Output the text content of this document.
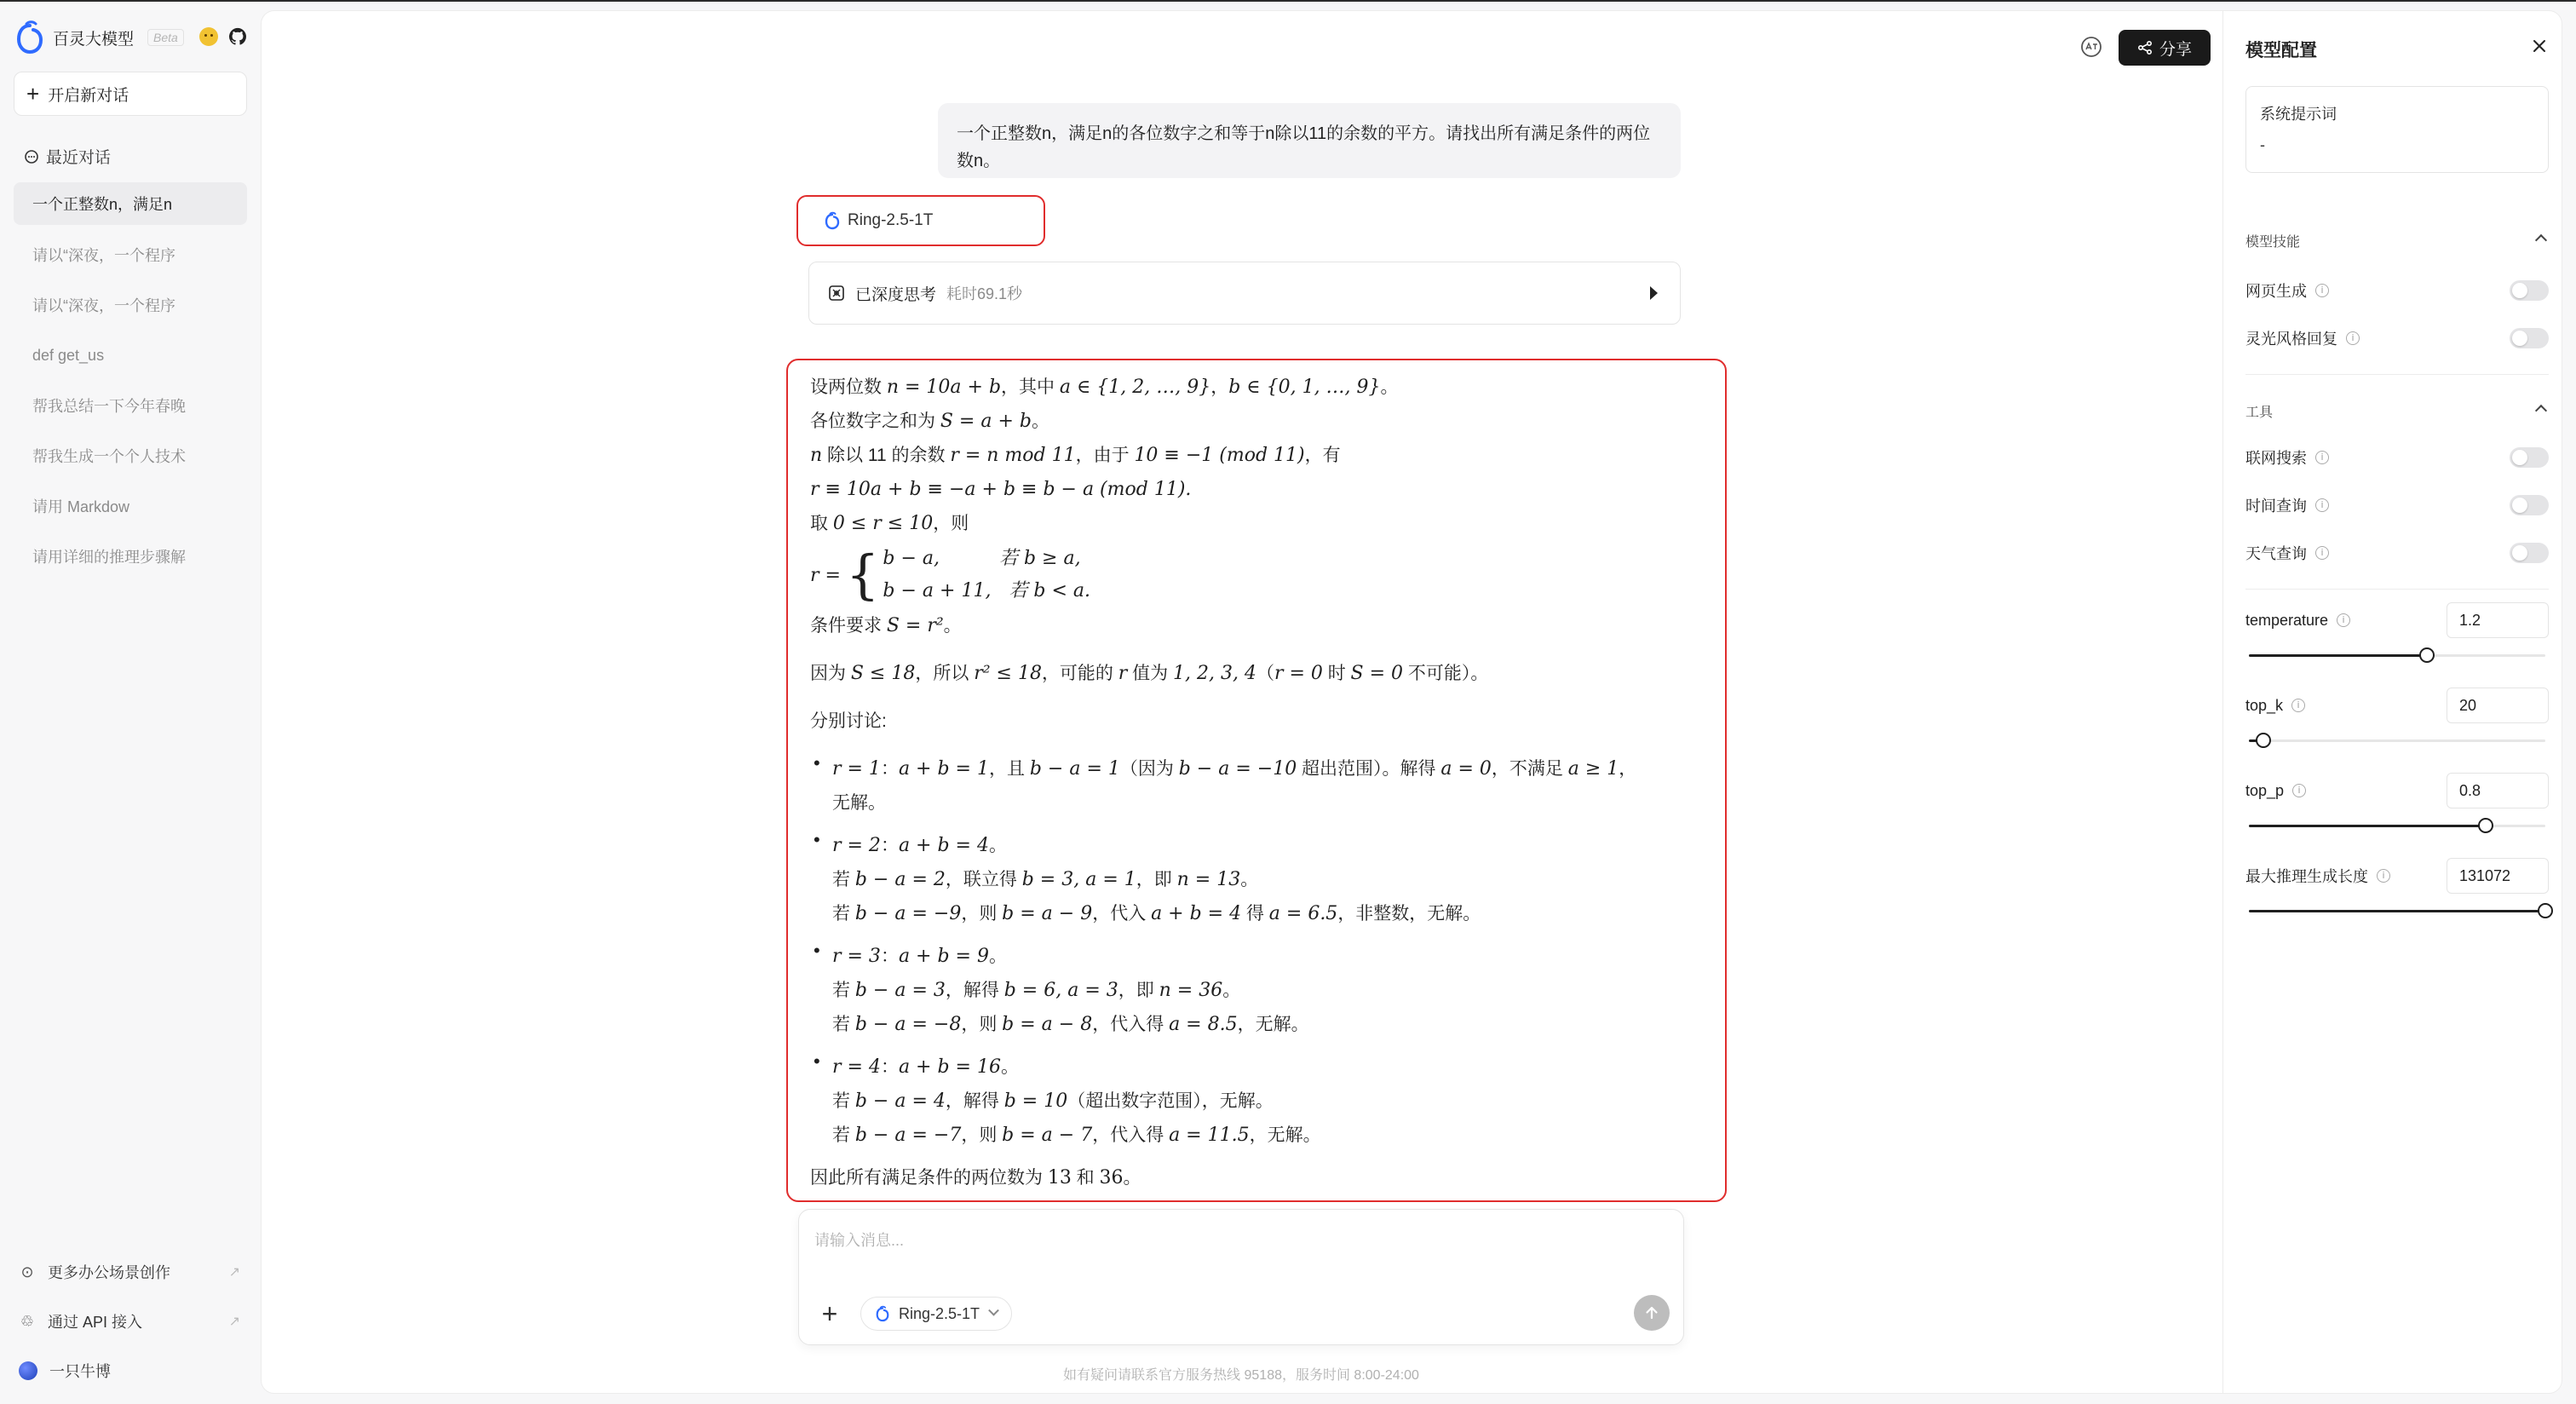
百灵大模型	Beta
+ 开启新对话
最近对话
一个正整数n，满足n
请以“深夜，一个程序
请以“深夜，一个程序
def get_us
帮我总结一下今年春晚
帮我生成一个个人技术
请用 Markdow
请用详细的推理步骤解
⊙ 更多办公场景创作	↗
♲ 通过 API 接入	↗
一只牛博
分享
一个正整数n，满足n的各位数字之和等于n除以11的余数的平方。请找出所有满足条件的两位数n。
Ring-2.5-1T
已深度思考 耗时69.1秒

设两位数 n = 10a + b，其中 a ∈ {1, 2, …, 9}，b ∈ {0, 1, …, 9}。

各位数字之和为 S = a + b。

n 除以 11 的余数 r = n mod 11，由于 10 ≡ −1 (mod 11)，有

r ≡ 10a + b ≡ −a + b ≡ b − a (mod 11).

取 0 ≤ r ≤ 10，则

r = { b − a,          若 b ≥ a,
b − a + 11,   若 b < a.

条件要求 S = r²。

因为 S ≤ 18，所以 r² ≤ 18，可能的 r 值为 1, 2, 3, 4（r = 0 时 S = 0 不可能）。

分别讨论:

• r = 1：a + b = 1，且 b − a = 1（因为 b − a = −10 超出范围）。解得 a = 0，不满足 a ≥ 1，

无解。

• r = 2：a + b = 4。

若 b − a = 2，联立得 b = 3, a = 1，即 n = 13。

若 b − a = −9，则 b = a − 9，代入 a + b = 4 得 a = 6.5，非整数，无解。

• r = 3：a + b = 9。

若 b − a = 3，解得 b = 6, a = 3，即 n = 36。

若 b − a = −8，则 b = a − 8，代入得 a = 8.5，无解。

• r = 4：a + b = 16。

若 b − a = 4，解得 b = 10（超出数字范围），无解。

若 b − a = −7，则 b = a − 7，代入得 a = 11.5，无解。

因此所有满足条件的两位数为 13 和 36。

请输入消息...
+	Ring-2.5-1T
如有疑问请联系官方服务热线 95188，服务时间 8:00-24:00
模型配置
系统提示词
-
模型技能
网页生成	i
灵光风格回复	i
工具
联网搜索	i
时间查询	i
天气查询	i
temperature	i	1.2
top_k	i	20
top_p	i	0.8
最大推理生成长度	i	131072
